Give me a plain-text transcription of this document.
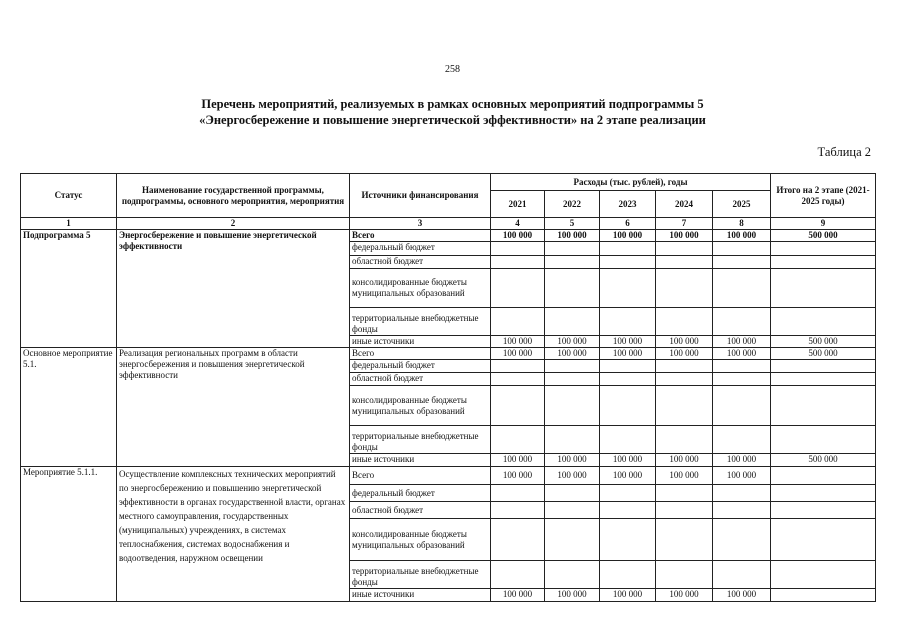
258
Перечень мероприятий, реализуемых в рамках основных мероприятий подпрограммы 5
«Энергосбережение и повышение энергетической эффективности» на 2 этапе реализации
Таблица 2
Статус	Наименование государственной программы, подпрограммы, основного мероприятия, мероприятия	Источники финансирования	Расходы (тыс. рублей), годы					Итого на 2 этапе (2021-2025 годы)
			2021	2022	2023	2024	2025	
1	2	3	4	5	6	7	8	9
Подпрограмма 5	Энергосбережение и повышение энергетической эффективности	Всего	100 000	100 000	100 000	100 000	100 000	500 000
		федеральный бюджет						
		областной бюджет						
		консолидированные бюджеты муниципальных образований						
		территориальные внебюджетные фонды						
		иные источники	100 000	100 000	100 000	100 000	100 000	500 000
Основное мероприятие 5.1.	Реализация региональных программ в области энергосбережения и повышения энергетической эффективности	Всего	100 000	100 000	100 000	100 000	100 000	500 000
		федеральный бюджет						
		областной бюджет						
		консолидированные бюджеты муниципальных образований						
		территориальные внебюджетные фонды						
		иные источники	100 000	100 000	100 000	100 000	100 000	500 000
Мероприятие 5.1.1.	Осуществление комплексных технических мероприятий по энергосбережению и повышению энергетической эффективности в органах государственной власти, органах местного самоуправления, государственных (муниципальных) учреждениях, в системах теплоснабжения, системах водоснабжения и водоотведения, наружном освещении	Всего	100 000	100 000	100 000	100 000	100 000	
		федеральный бюджет						
		областной бюджет						
		консолидированные бюджеты муниципальных образований						
		территориальные внебюджетные фонды						
		иные источники	100 000	100 000	100 000	100 000	100 000	
